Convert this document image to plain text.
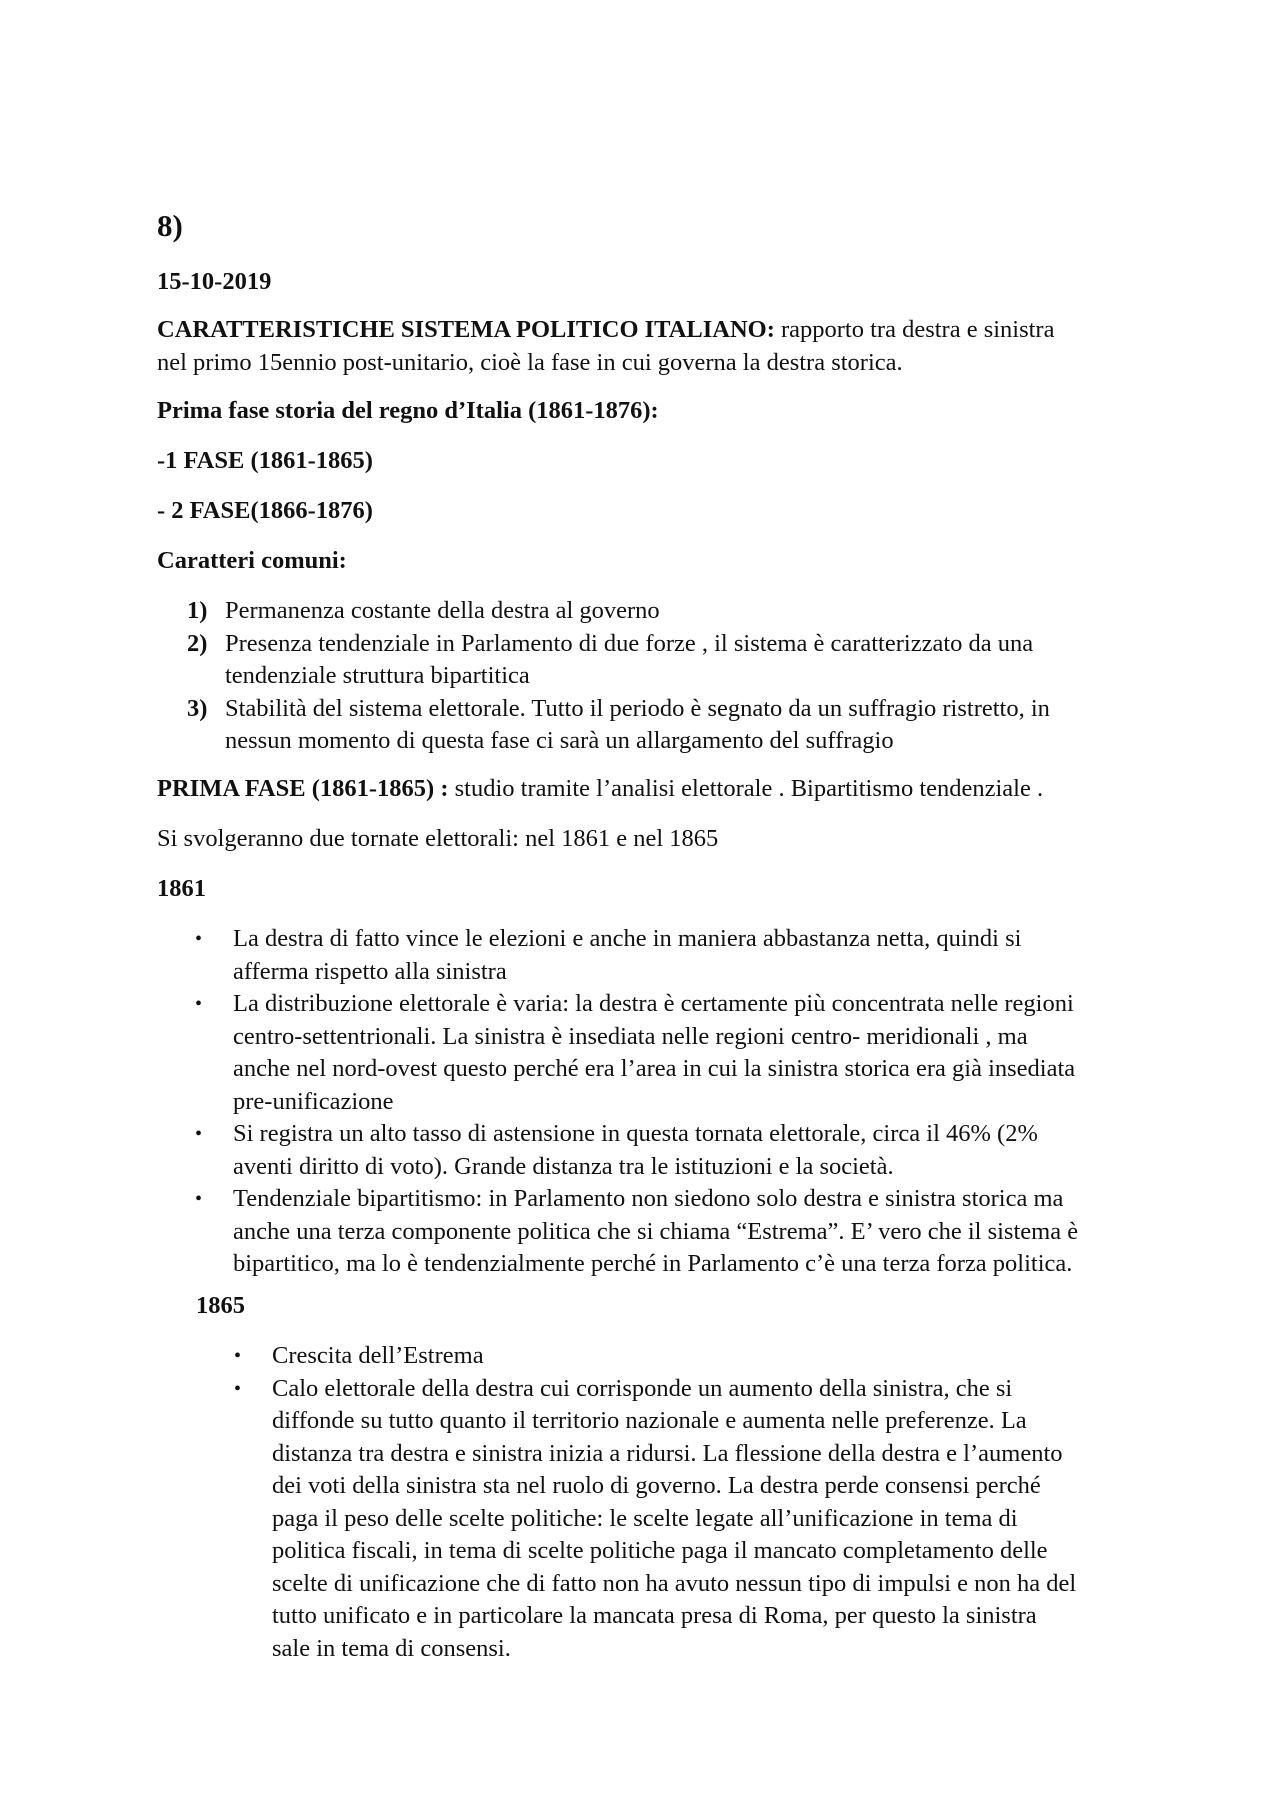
8)
15-10-2019
CARATTERISTICHE SISTEMA POLITICO ITALIANO: rapporto tra destra e sinistra
nel primo 15ennio post-unitario, cioè la fase in cui governa la destra storica.
Prima fase storia del regno d’Italia (1861-1876):
-1 FASE (1861-1865)
- 2 FASE(1866-1876)
Caratteri comuni:
1) Permanenza costante della destra al governo
2) Presenza tendenziale in Parlamento di due forze , il sistema è caratterizzato da una
tendenziale struttura bipartitica
3) Stabilità del sistema elettorale. Tutto il periodo è segnato da un suffragio ristretto, in
nessun momento di questa fase ci sarà un allargamento del suffragio
PRIMA FASE (1861-1865) : studio tramite l’analisi elettorale . Bipartitismo tendenziale .
Si svolgeranno due tornate elettorali: nel 1861 e nel 1865
1861
• La destra di fatto vince le elezioni e anche in maniera abbastanza netta, quindi si
afferma rispetto alla sinistra
• La distribuzione elettorale è varia: la destra è certamente più concentrata nelle regioni
centro-settentrionali. La sinistra è insediata nelle regioni centro- meridionali , ma
anche nel nord-ovest questo perché era l’area in cui la sinistra storica era già insediata
pre-unificazione
• Si registra un alto tasso di astensione in questa tornata elettorale, circa il 46% (2%
aventi diritto di voto). Grande distanza tra le istituzioni e la società.
• Tendenziale bipartitismo: in Parlamento non siedono solo destra e sinistra storica ma
anche una terza componente politica che si chiama “Estrema”. E’ vero che il sistema è
bipartitico, ma lo è tendenzialmente perché in Parlamento c’è una terza forza politica.
1865
• Crescita dell’Estrema
• Calo elettorale della destra cui corrisponde un aumento della sinistra, che si
diffonde su tutto quanto il territorio nazionale e aumenta nelle preferenze. La
distanza tra destra e sinistra inizia a ridursi. La flessione della destra e l’aumento
dei voti della sinistra sta nel ruolo di governo. La destra perde consensi perché
paga il peso delle scelte politiche: le scelte legate all’unificazione in tema di
politica fiscali, in tema di scelte politiche paga il mancato completamento delle
scelte di unificazione che di fatto non ha avuto nessun tipo di impulsi e non ha del
tutto unificato e in particolare la mancata presa di Roma, per questo la sinistra
sale in tema di consensi.
